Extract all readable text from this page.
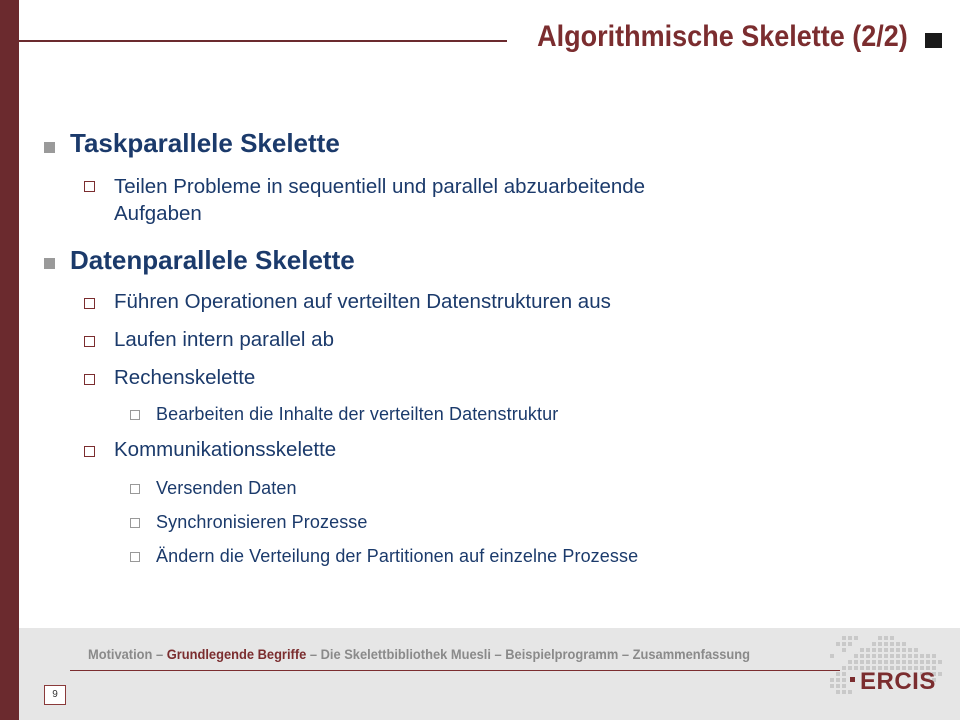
Algorithmische Skelette (2/2)
Taskparallele Skelette
Teilen Probleme in sequentiell und parallel abzuarbeitende
Aufgaben
Datenparallele Skelette
Führen Operationen auf verteilten Datenstrukturen aus
Laufen intern parallel ab
Rechenskelette
Bearbeiten die Inhalte der verteilten Datenstruktur
Kommunikationsskelette
Versenden Daten
Synchronisieren Prozesse
Ändern die Verteilung der Partitionen auf einzelne Prozesse
Motivation – Grundlegende Begriffe – Die Skelettbibliothek Muesli – Beispielprogramm – Zusammenfassung
9	ERCIS
